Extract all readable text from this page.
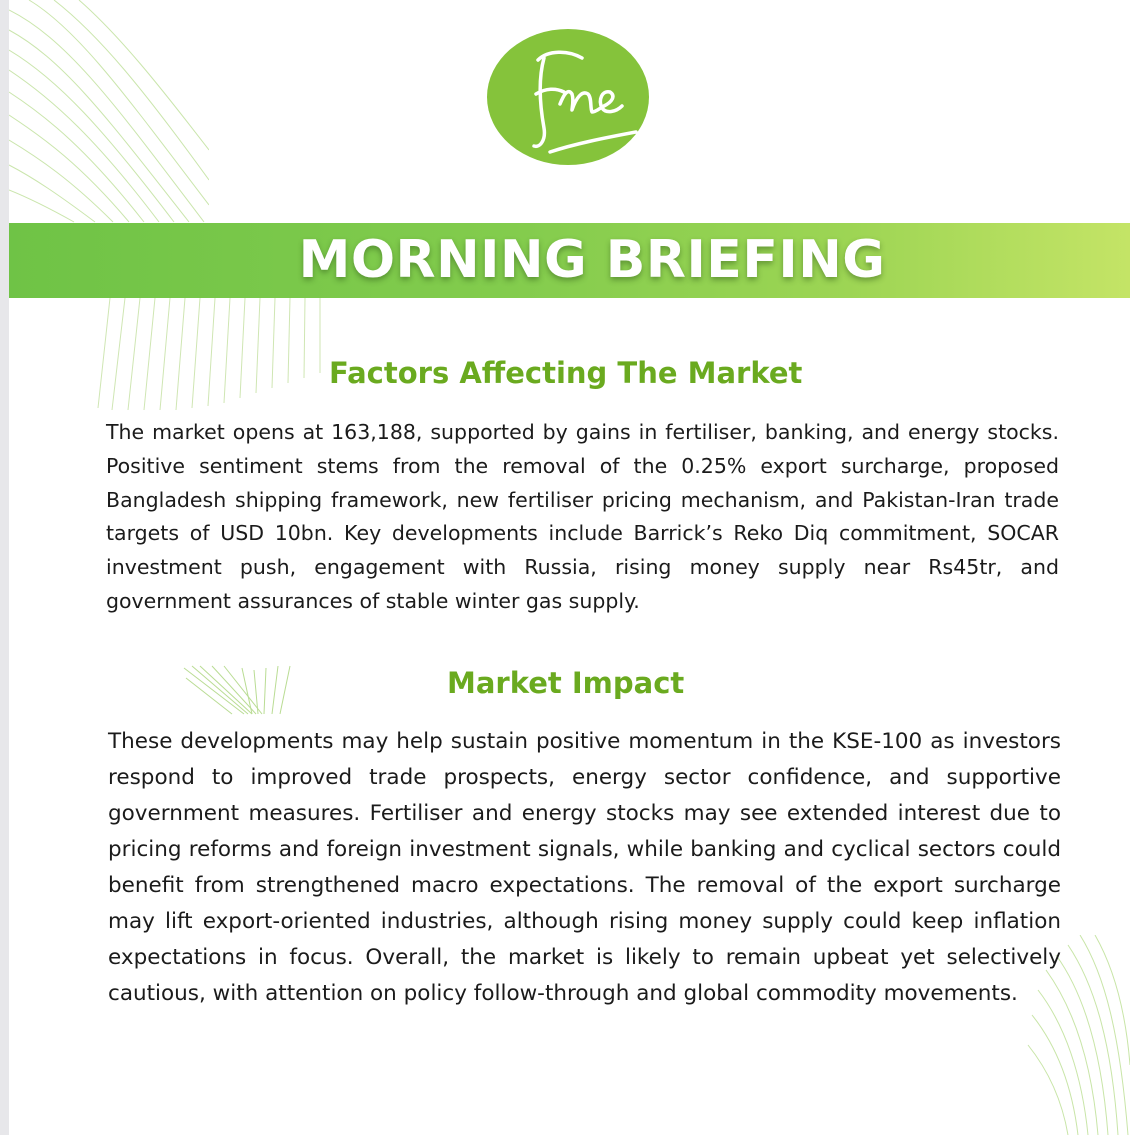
MORNING BRIEFING
Factors Affecting The Market

The market opens at 163,188, supported by gains in fertiliser, banking, and energy stocks. Positive sentiment stems from the removal of the 0.25% export surcharge, proposed Bangladesh shipping framework, new fertiliser pricing mechanism, and Pakistan-Iran trade targets of USD 10bn. Key developments include Barrick’s Reko Diq commitment, SOCAR investment push, engagement with Russia, rising money supply near Rs45tr, and government assurances of stable winter gas supply.

Market Impact

These developments may help sustain positive momentum in the KSE-100 as investors respond to improved trade prospects, energy sector confidence, and supportive government measures. Fertiliser and energy stocks may see extended interest due to pricing reforms and foreign investment signals, while banking and cyclical sectors could benefit from strengthened macro expectations. The removal of the export surcharge may lift export-oriented industries, although rising money supply could keep inflation expectations in focus. Overall, the market is likely to remain upbeat yet selectively cautious, with attention on policy follow-through and global commodity movements.
